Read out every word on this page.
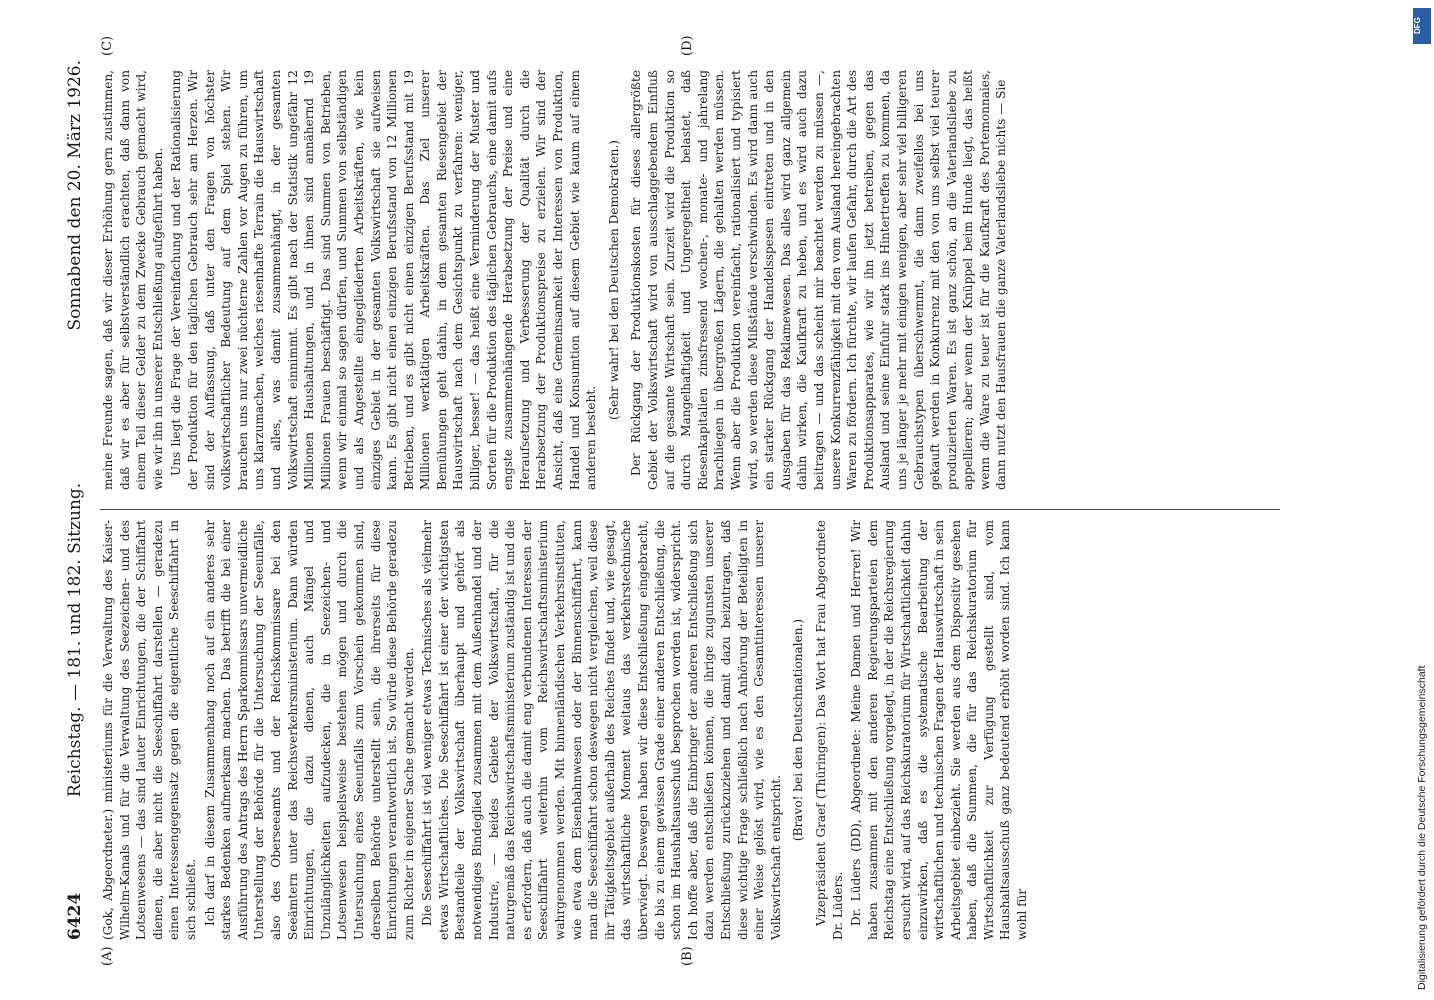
6424
Reichstag. — 181. und 182. Sitzung.
Sonnabend den 20. März 1926.

(Gok, Abgeordneter.) ministeriums für die Verwaltung des Kaiser-Wilhelm-Kanals und für die Verwaltung des Seezeichen- und des Lotsenwesens — das sind lauter Einrichtungen, die der Schiffahrt dienen, die aber nicht die Seeschiffahrt darstellen — geradezu einen Interessengegensatz gegen die eigentliche Seeschiffahrt in sich schließt. Ich darf in diesem Zusammenhang noch auf ein anderes sehr starkes Bedenken aufmerksam machen. Das betrifft die bei einer Ausführung des Antrags des Herrn Sparkommissars unvermeidliche Unterstellung der Behörde für die Untersuchung der Seeunfälle, also des Oberseeamts und der Reichskommissare bei den Seeämtern unter das Reichsverkehrsministerium. Dann würden Einrichtungen, die dazu dienen, auch Mängel und Unzulänglichkeiten aufzudecken, die in Seezeichen- und Lotsenwesen beispielsweise bestehen mögen und durch die Untersuchung eines Seeunfalls zum Vorschein gekommen sind, derselben Behörde unterstellt sein, die ihrerseits für diese Einrichtungen verantwortlich ist. So würde diese Behörde geradezu zum Richter in eigener Sache gemacht werden. Die Seeschiffahrt ist viel weniger etwas Technisches als vielmehr etwas Wirtschaftliches. Die Seeschiffahrt ist einer der wichtigsten Bestandteile der Volkswirtschaft überhaupt und gehört als notwendiges Bindeglied zusammen mit dem Außenhandel und der Industrie, — beides Gebiete der Volkswirtschaft, für die naturgemäß das Reichswirtschaftsministerium zuständig ist und die es erfordern, daß auch die damit eng verbundenen Interessen der Seeschiffahrt weiterhin vom Reichswirtschaftsministerium wahrgenommen werden. Mit binnenländischen Verkehrsinstituten, wie etwa dem Eisenbahnwesen oder der Binnenschiffahrt, kann man die Seeschiffahrt schon deswegen nicht vergleichen, weil diese ihr Tätigkeitsgebiet außerhalb des Reiches findet und, wie gesagt, das wirtschaftliche Moment weitaus das verkehrstechnische überwiegt. Deswegen haben wir diese Entschließung eingebracht, die bis zu einem gewissen Grade einer anderen Entschließung, die schon im Haushaltsausschuß besprochen worden ist, widerspricht. Ich hoffe aber, daß die Einbringer der anderen Entschließung sich dazu werden entschließen können, die ihrige zugunsten unserer Entschließung zurückzuziehen und damit dazu beizutragen, daß diese wichtige Frage schließlich nach Anhörung der Beteiligten in einer Weise gelöst wird, wie es den Gesamtinteressen unserer Volkswirtschaft entspricht.

(Bravo! bei den Deutschnationalen.) Vizepräsident Graef (Thüringen): Das Wort hat Frau Abgeordnete Dr. Lüders. Dr. Lüders (DD), Abgeordnete: Meine Damen und Herren! Wir haben zusammen mit den anderen Regierungsparteien dem Reichstag eine Entschließung vorgelegt, in der die Reichsregierung ersucht wird, auf das Reichskuratorium für Wirtschaftlichkeit dahin einzuwirken, daß es die systematische Bearbeitung der wirtschaftlichen und technischen Fragen der Hauswirtschaft in sein Arbeitsgebiet einbezieht. Sie werden aus dem Dispositiv gesehen haben, daß die Summen, die für das Reichskuratorium für Wirtschaftlichkeit zur Verfügung gestellt sind, vom Haushaltsausschuß ganz bedeutend erhöht worden sind. Ich kann wohl für

meine Freunde sagen, daß wir dieser Erhöhung gern zustimmen, daß wir es aber für selbstverständlich erachten, daß dann von einem Teil dieser Gelder zu dem Zwecke Gebrauch gemacht wird, wie wir ihn in unserer Entschließung aufgeführt haben. Uns liegt die Frage der Vereinfachung und der Rationalisierung der Produktion für den täglichen Gebrauch sehr am Herzen. Wir sind der Auffassung, daß unter den Fragen von höchster volkswirtschaftlicher Bedeutung auf dem Spiel stehen. Wir brauchen uns nur zwei nüchterne Zahlen vor Augen zu führen, um uns klarzumachen, welches riesenhafte Terrain die Hauswirtschaft und alles, was damit zusammenhängt, in der gesamten Volkswirtschaft einnimmt. Es gibt nach der Statistik ungefähr 12 Millionen Haushaltungen, und in ihnen sind annähernd 19 Millionen Frauen beschäftigt. Das sind Summen von Betrieben, wenn wir einmal so sagen dürfen, und Summen von selbständigen und als Angestellte eingegliederten Arbeitskräften, wie kein einziges Gebiet in der gesamten Volkswirtschaft sie aufweisen kann. Es gibt nicht einen einzigen Berufsstand von 12 Millionen Betrieben, und es gibt nicht einen einzigen Berufsstand mit 19 Millionen werktätigen Arbeitskräften. Das Ziel unserer Bemühungen geht dahin, in dem gesamten Riesengebiet der Hauswirtschaft nach dem Gesichtspunkt zu verfahren: weniger, billiger, besser! — das heißt eine Verminderung der Muster und Sorten für die Produktion des täglichen Gebrauchs, eine damit aufs engste zusammenhängende Herabsetzung der Preise und eine Heraufsetzung und Verbesserung der Qualität durch die Herabsetzung der Produktionspreise zu erzielen. Wir sind der Ansicht, daß eine Gemeinsamkeit der Interessen von Produktion, Handel und Konsumtion auf diesem Gebiet wie kaum auf einem anderen besteht.

(Sehr wahr! bei den Deutschen Demokraten.) Der Rückgang der Produktionskosten für dieses allergrößte Gebiet der Volkswirtschaft wird von ausschlaggebendem Einfluß auf die gesamte Wirtschaft sein. Zurzeit wird die Produktion so durch Mangelhaftigkeit und Ungeregeltheit belastet, daß Riesenkapitalien zinsfressend wochen-, monate- und jahrelang brachliegen in übergroßen Lägern, die gehalten werden müssen. Wenn aber die Produktion vereinfacht, rationalisiert und typisiert wird, so werden diese Mißstände verschwinden. Es wird dann auch ein starker Rückgang der Handelsspesen eintreten und in den Ausgaben für das Reklamewesen. Das alles wird ganz allgemein dahin wirken, die Kaufkraft zu heben, und es wird auch dazu beitragen — und das scheint mir beachtet werden zu müssen —, unsere Konkurrenzfähigkeit mit den vom Ausland hereingebrachten Waren zu fördern. Ich fürchte, wir laufen Gefahr, durch die Art des Produktionsapparates, wie wir ihn jetzt betreiben, gegen das Ausland und seine Einfuhr stark ins Hintertreffen zu kommen, da uns je länger je mehr mit einigen wenigen, aber sehr viel billigeren Gebrauchstypen überschwemmt, die dann zweifellos bei uns gekauft werden in Konkurrenz mit den von uns selbst viel teurer produzierten Waren. Es ist ganz schön, an die Vaterlandsliebe zu appellieren; aber wenn der Knüppel beim Hunde liegt, das heißt wenn die Ware zu teuer ist für die Kaufkraft des Portemonnaies, dann nutzt den Hausfrauen die ganze Vaterlandsliebe nichts — Sie

(A)	(B)
(C)	(D)
Digitalisierung gefördert durch die Deutsche Forschungsgemeinschaft
DFG
